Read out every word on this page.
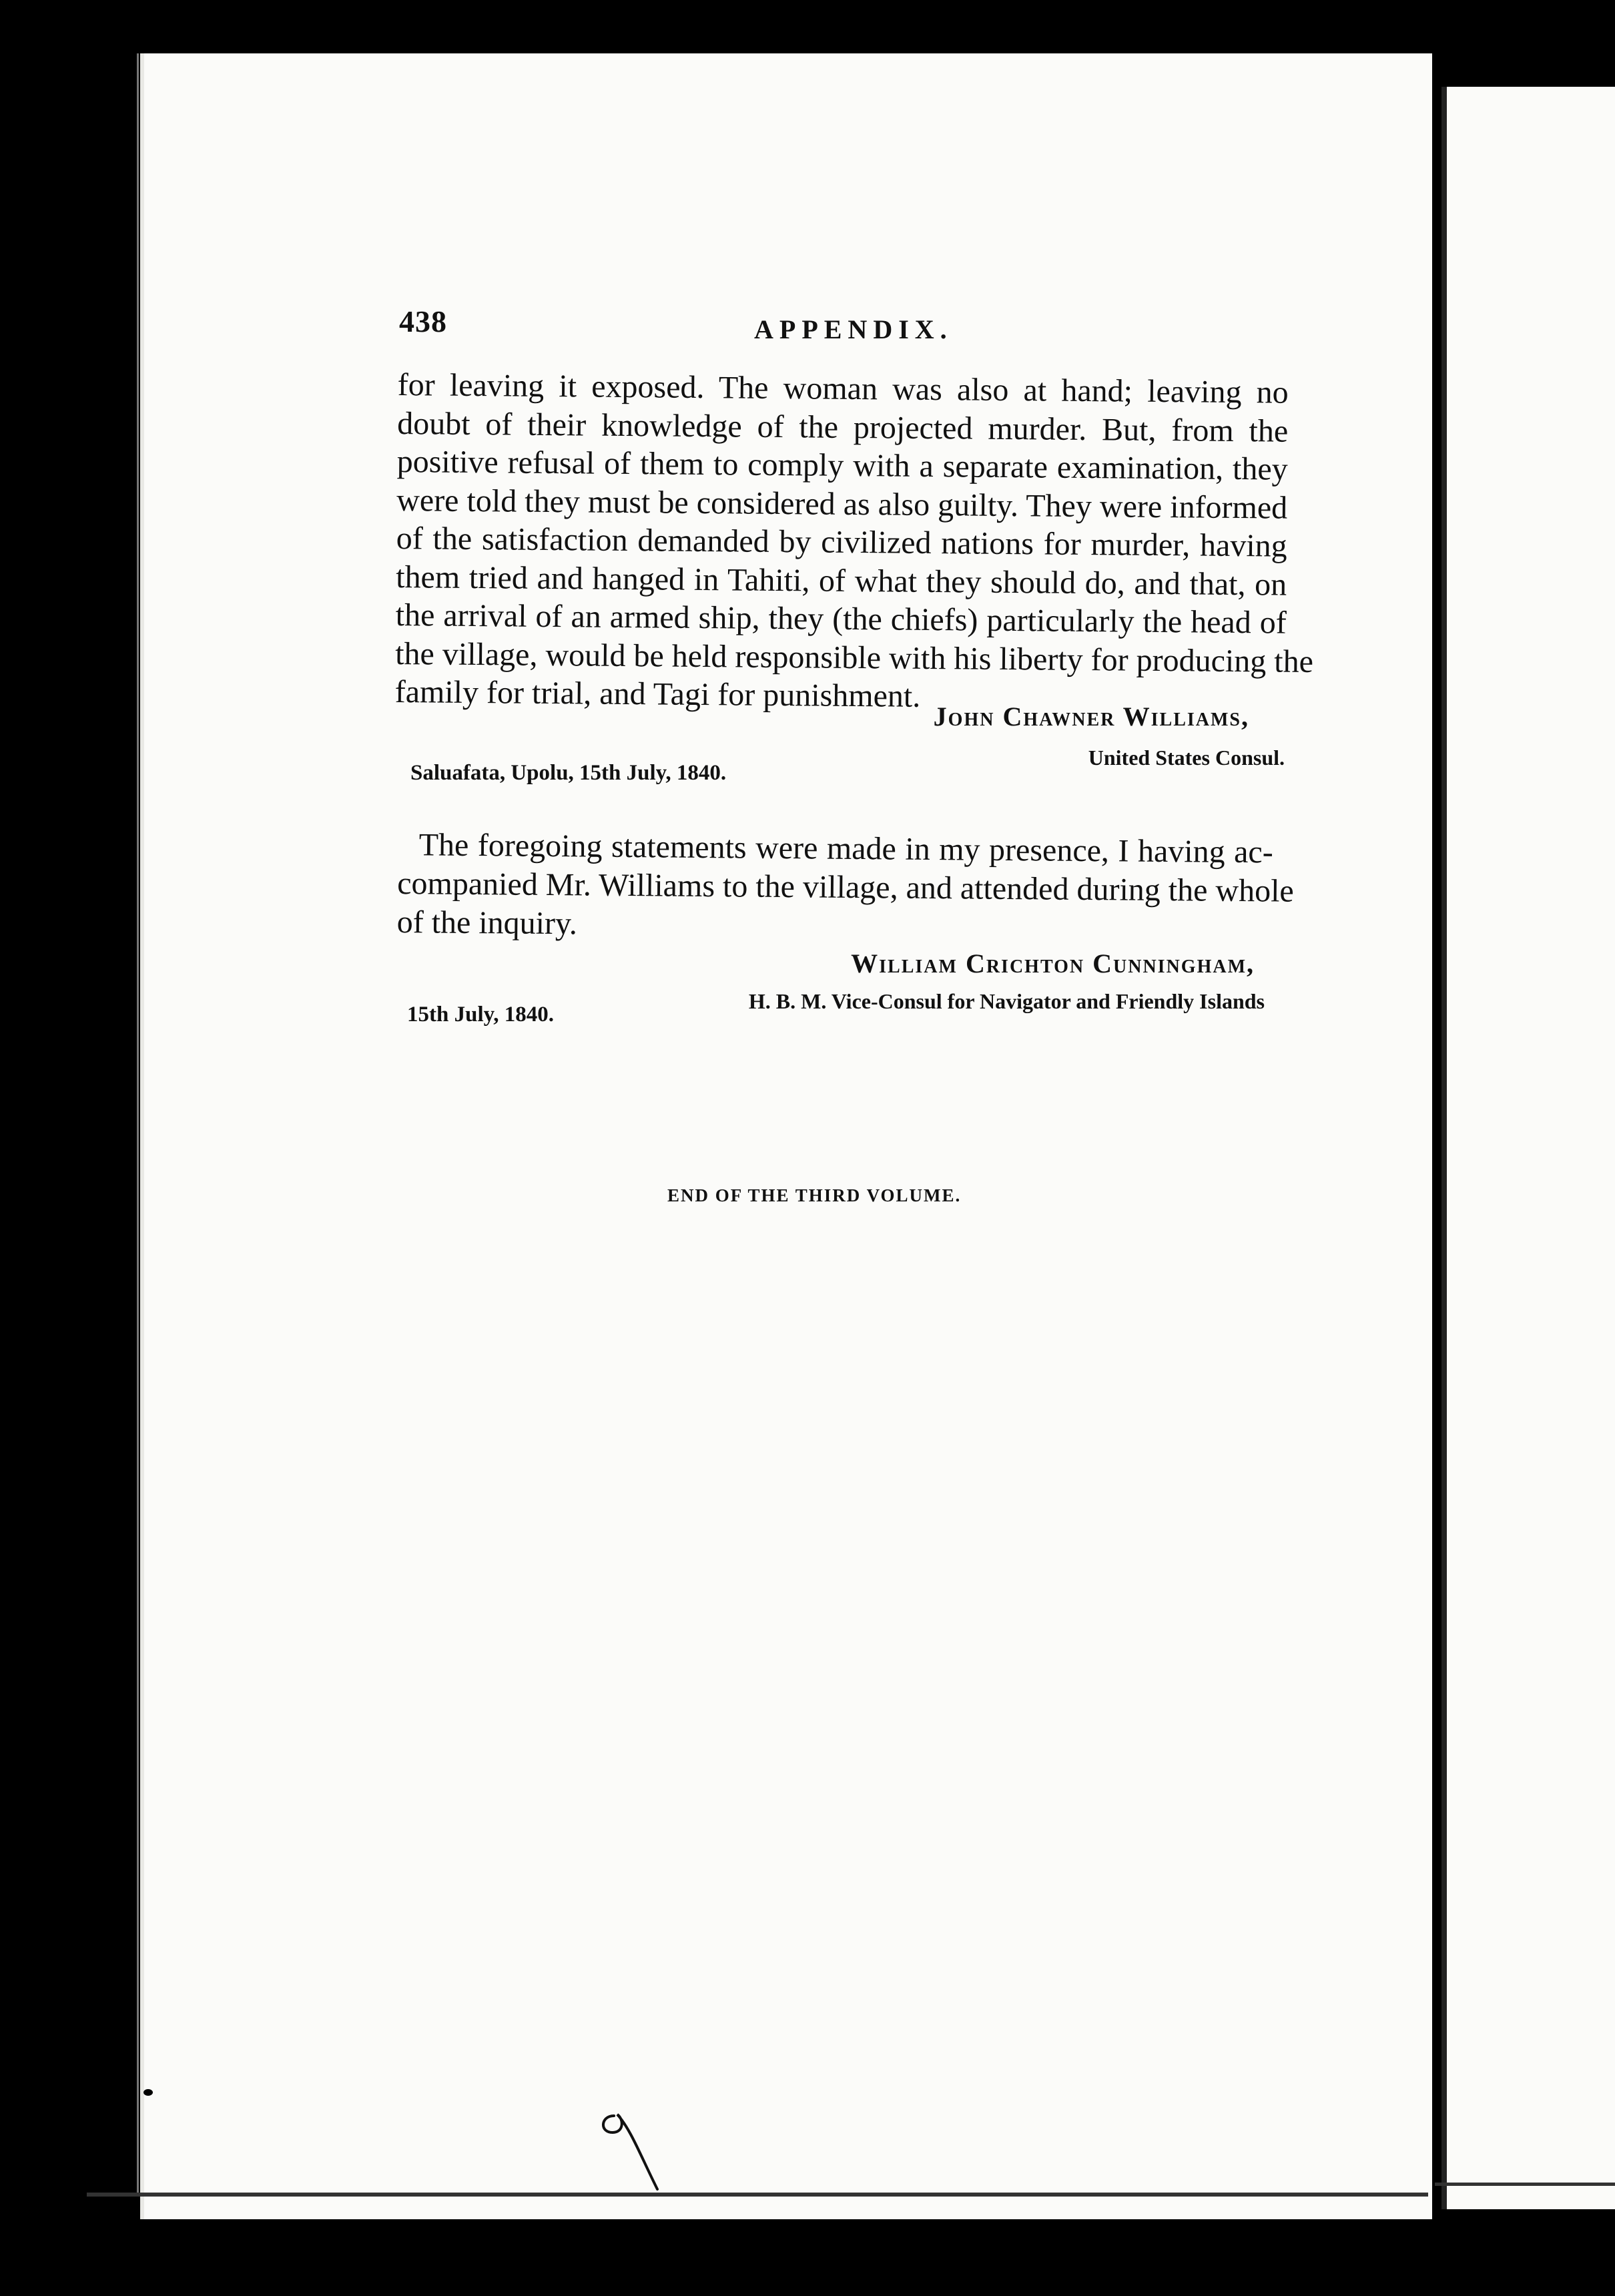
438	APPENDIX.
for leaving it exposed. The woman was also at hand; leaving no
doubt of their knowledge of the projected murder. But, from the
positive refusal of them to comply with a separate examination, they
were told they must be considered as also guilty. They were informed
of the satisfaction demanded by civilized nations for murder, having
them tried and hanged in Tahiti, of what they should do, and that, on
the arrival of an armed ship, they (the chiefs) particularly the head of
the village, would be held responsible with his liberty for producing the
family for trial, and Tagi for punishment.
John Chawner Williams,
United States Consul.
Saluafata, Upolu, 15th July, 1840.
The foregoing statements were made in my presence, I having ac-
companied Mr. Williams to the village, and attended during the whole
of the inquiry.
William Crichton Cunningham,
H. B. M. Vice-Consul for Navigator and Friendly Islands
15th July, 1840.
END OF THE THIRD VOLUME.
